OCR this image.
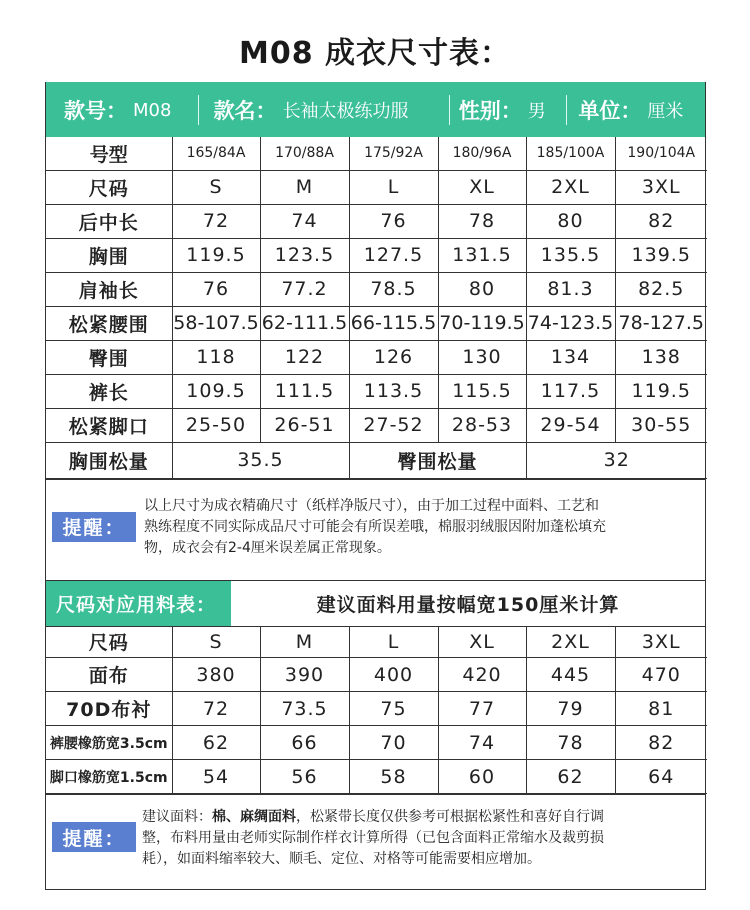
M08 成衣尺寸表：
款号： M08 款名： 长袖太极练功服 性别： 男 单位： 厘米
号型	165/84A	170/88A	175/92A	180/96A	185/100A	190/104A
尺码	S	M	L	XL	2XL	3XL
后中长	72	74	76	78	80	82
胸围	119.5	123.5	127.5	131.5	135.5	139.5
肩袖长	76	77.2	78.5	80	81.3	82.5
松紧腰围	58-107.5	62-111.5	66-115.5	70-119.5	74-123.5	78-127.5
臀围	118	122	126	130	134	138
裤长	109.5	111.5	113.5	115.5	117.5	119.5
松紧脚口	25-50	26-51	27-52	28-53	29-54	30-55
胸围松量	35.5		臀围松量		32	
提醒：
以上尺寸为成衣精确尺寸（纸样净版尺寸），由于加工过程中面料、工艺和
熟练程度不同实际成品尺寸可能会有所误差哦，棉服羽绒服因附加蓬松填充
物，成衣会有2-4厘米误差属正常现象。
尺码对应用料表：	建议面料用量按幅宽150厘米计算
尺码	S	M	L	XL	2XL	3XL
面布	380	390	400	420	445	470
70D布衬	72	73.5	75	77	79	81
裤腰橡筋宽3.5cm	62	66	70	74	78	82
脚口橡筋宽1.5cm	54	56	58	60	62	64
提醒：
建议面料：棉、麻绸面料，松紧带长度仅供参考可根据松紧性和喜好自行调
整，布料用量由老师实际制作样衣计算所得（已包含面料正常缩水及裁剪损
耗），如面料缩率较大、顺毛、定位、对格等可能需要相应增加。
